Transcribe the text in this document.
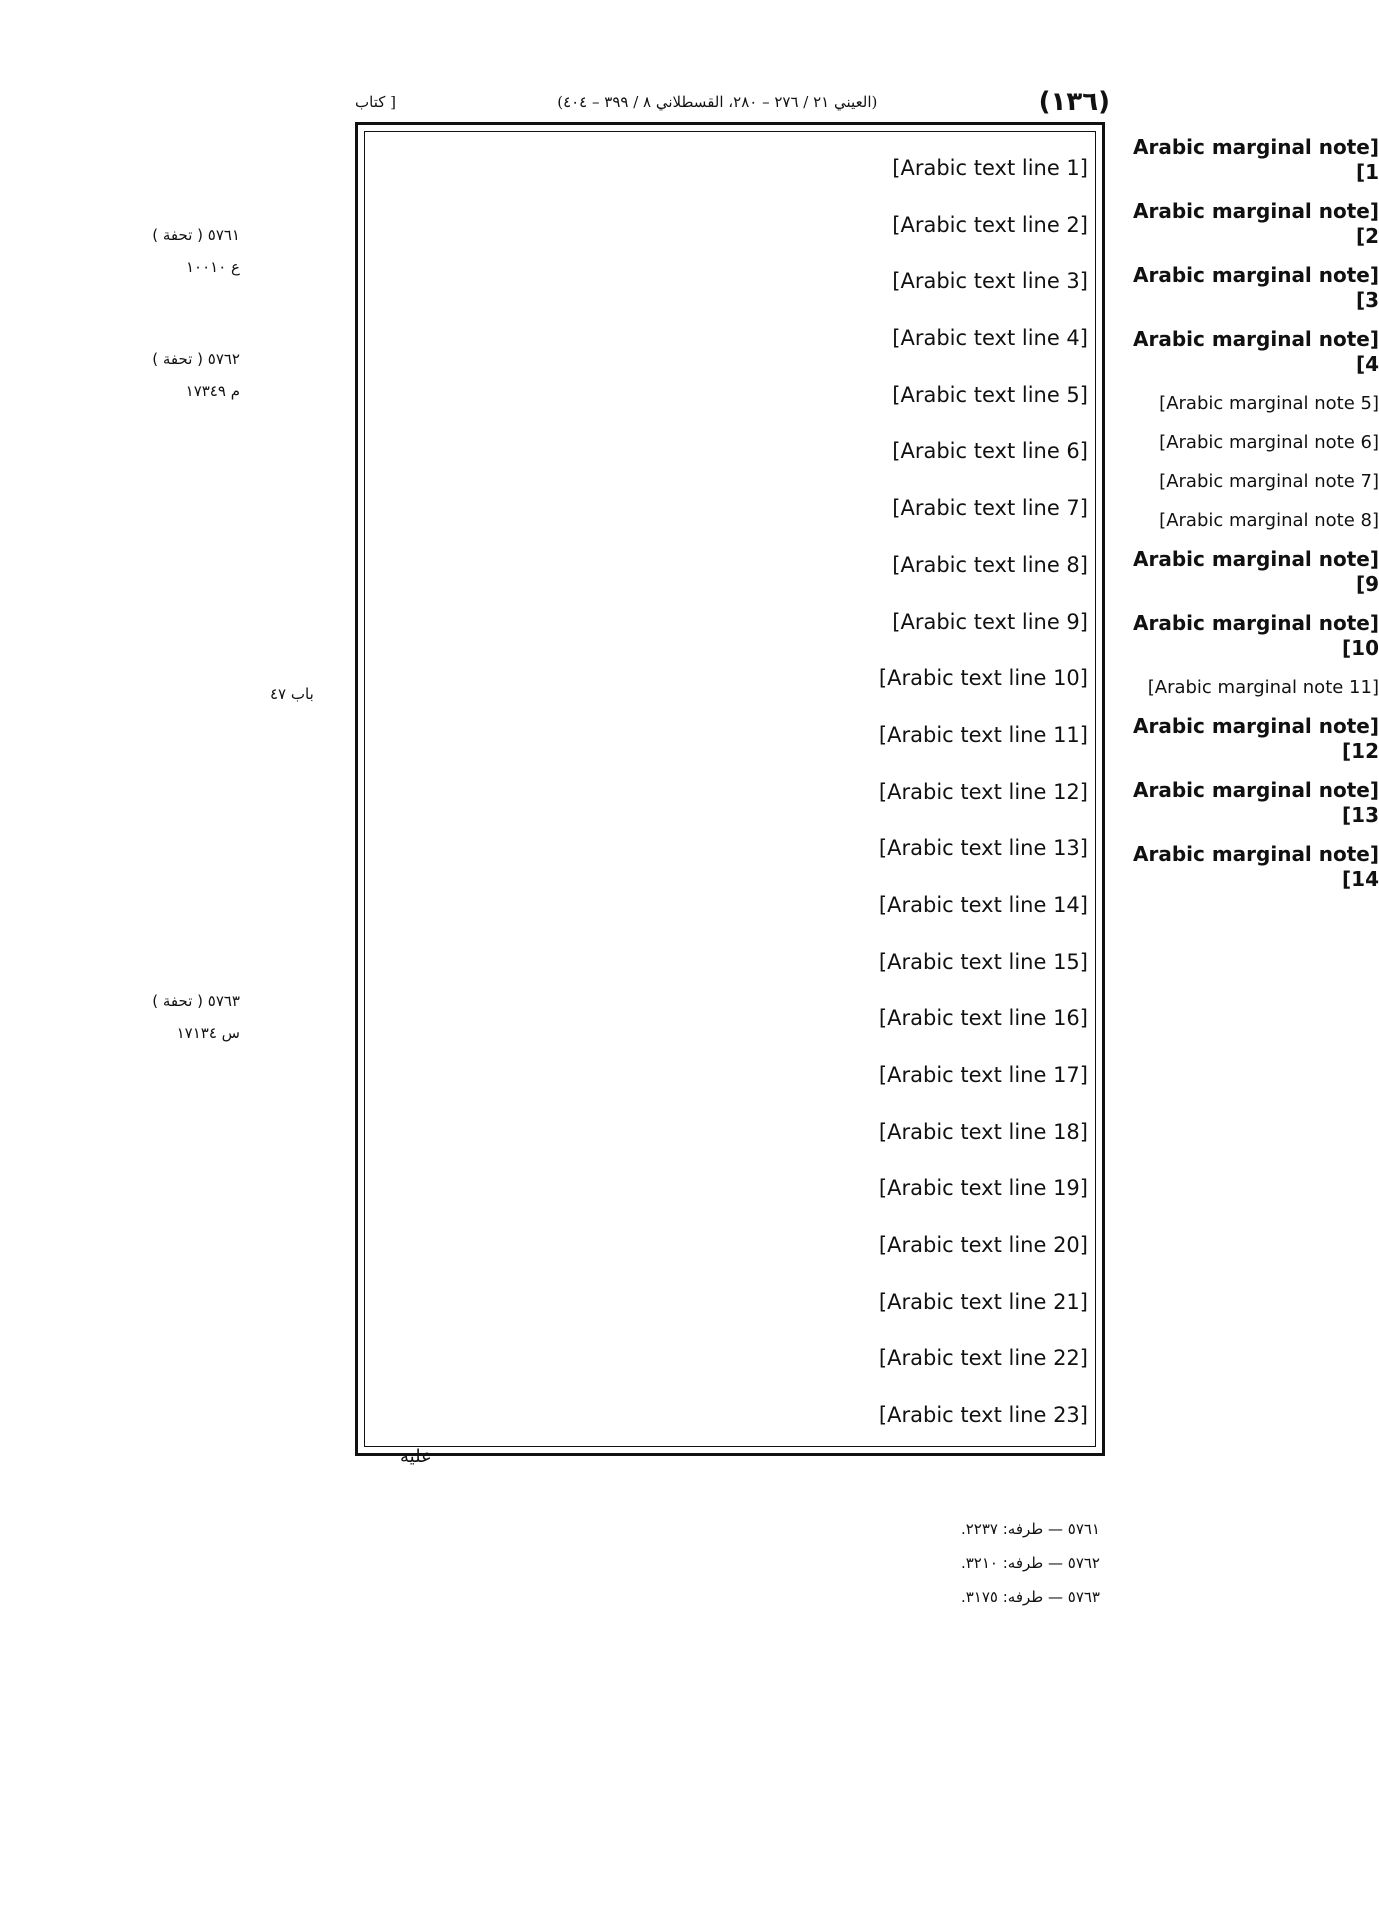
(١٣٦)
(العيني ٢١ / ٢٧٦ – ٢٨٠، القسطلاني ٨ / ٣٩٩ – ٤٠٤)
[ كتاب
[Arabic text line 1]
[Arabic text line 2]
[Arabic text line 3]
[Arabic text line 4]
[Arabic text line 5]
[Arabic text line 6]
[Arabic text line 7]
[Arabic text line 8]
[Arabic text line 9]
[Arabic text line 10]
[Arabic text line 11]
[Arabic text line 12]
[Arabic text line 13]
[Arabic text line 14]
[Arabic text line 15]
[Arabic text line 16]
[Arabic text line 17]
[Arabic text line 18]
[Arabic text line 19]
[Arabic text line 20]
[Arabic text line 21]
[Arabic text line 22]
[Arabic text line 23]
عليه
[Arabic marginal note 1]
[Arabic marginal note 2]
[Arabic marginal note 3]
[Arabic marginal note 4]
[Arabic marginal note 5]
[Arabic marginal note 6]
[Arabic marginal note 7]
[Arabic marginal note 8]
[Arabic marginal note 9]
[Arabic marginal note 10]
[Arabic marginal note 11]
[Arabic marginal note 12]
[Arabic marginal note 13]
[Arabic marginal note 14]
٥٧٦١ ( تحفة )
ع ١٠٠١٠
٥٧٦٢ ( تحفة )
م ١٧٣٤٩
٥٧٦٣ ( تحفة )
س ١٧١٣٤
باب ٤٧
٥٧٦١ — طرفه: ٢٢٣٧.
٥٧٦٢ — طرفه: ٣٢١٠.
٥٧٦٣ — طرفه: ٣١٧٥.
